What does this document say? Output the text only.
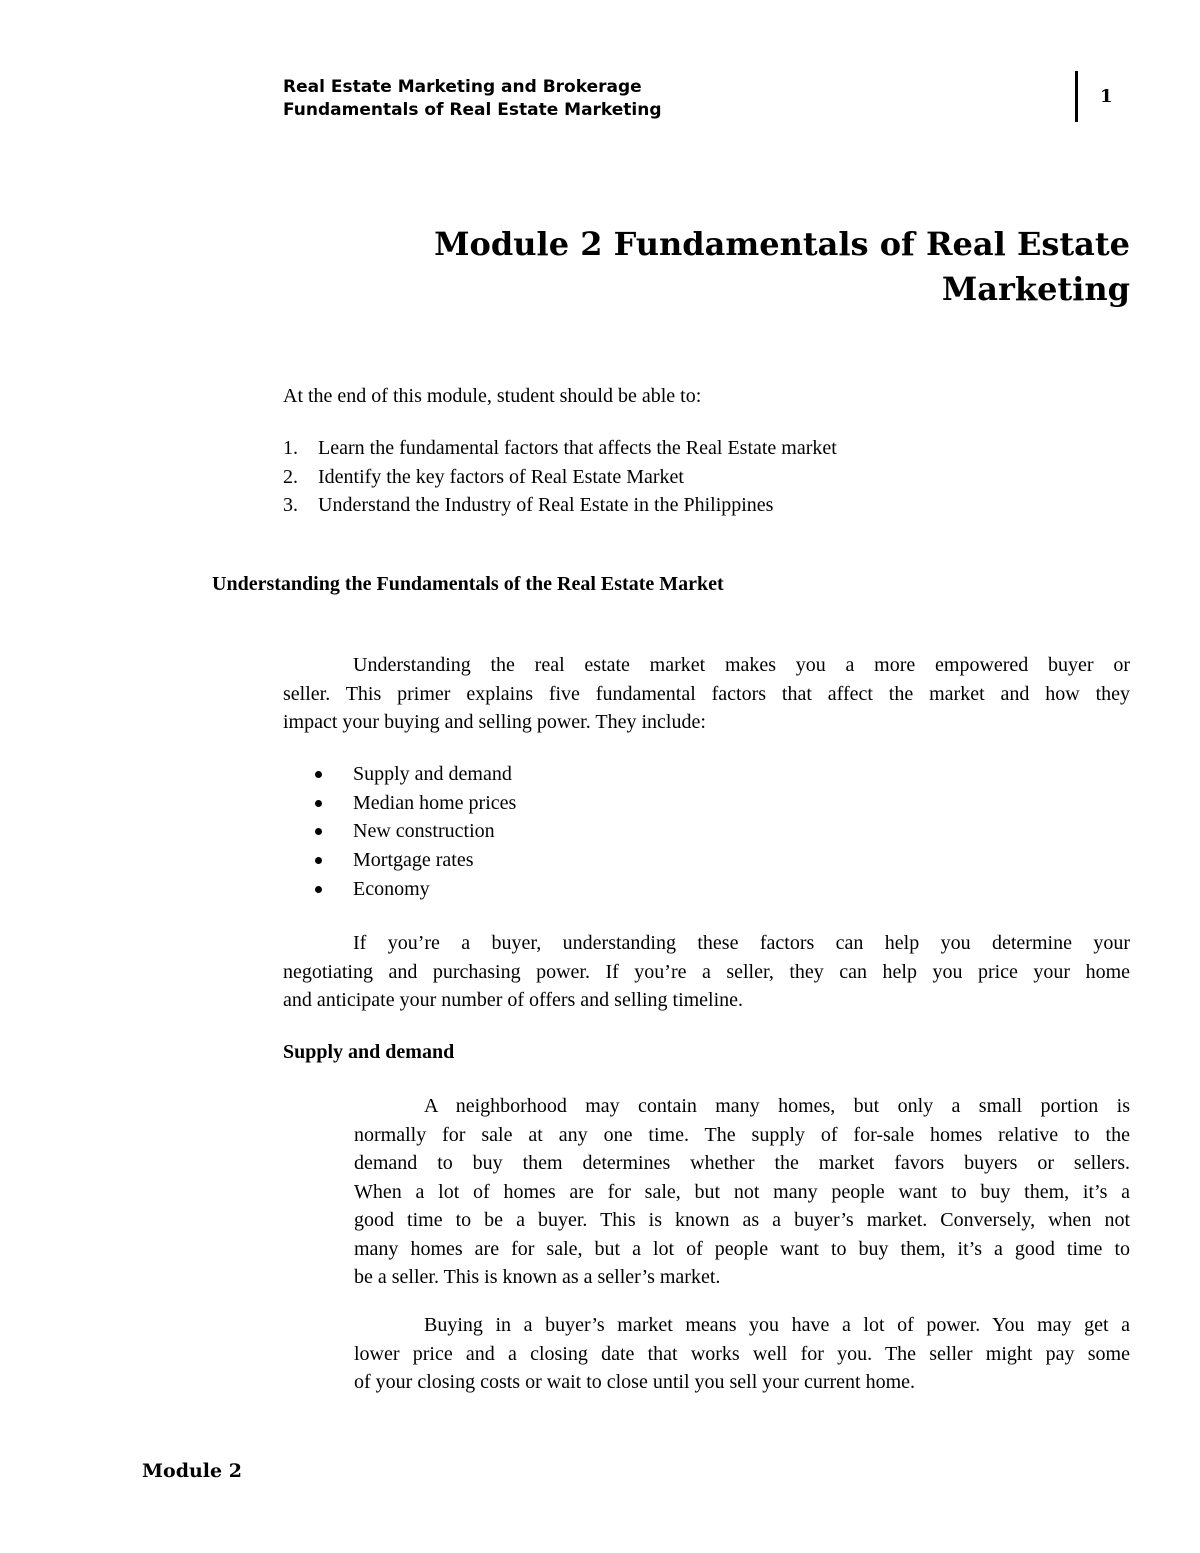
Real Estate Marketing and Brokerage
Fundamentals of Real Estate Marketing
1
Module 2 Fundamentals of Real Estate
Marketing
At the end of this module, student should be able to:
1. Learn the fundamental factors that affects the Real Estate market
2. Identify the key factors of Real Estate Market
3. Understand the Industry of Real Estate in the Philippines
Understanding the Fundamentals of the Real Estate Market
Understanding the real estate market makes you a more empowered buyer or
seller. This primer explains five fundamental factors that affect the market and how they
impact your buying and selling power. They include:
Supply and demand
Median home prices
New construction
Mortgage rates
Economy
If you’re a buyer, understanding these factors can help you determine your
negotiating and purchasing power. If you’re a seller, they can help you price your home
and anticipate your number of offers and selling timeline.
Supply and demand
A neighborhood may contain many homes, but only a small portion is
normally for sale at any one time. The supply of for-sale homes relative to the
demand to buy them determines whether the market favors buyers or sellers.
When a lot of homes are for sale, but not many people want to buy them, it’s a
good time to be a buyer. This is known as a buyer’s market. Conversely, when not
many homes are for sale, but a lot of people want to buy them, it’s a good time to
be a seller. This is known as a seller’s market.
Buying in a buyer’s market means you have a lot of power. You may get a
lower price and a closing date that works well for you. The seller might pay some
of your closing costs or wait to close until you sell your current home.
Module 2
